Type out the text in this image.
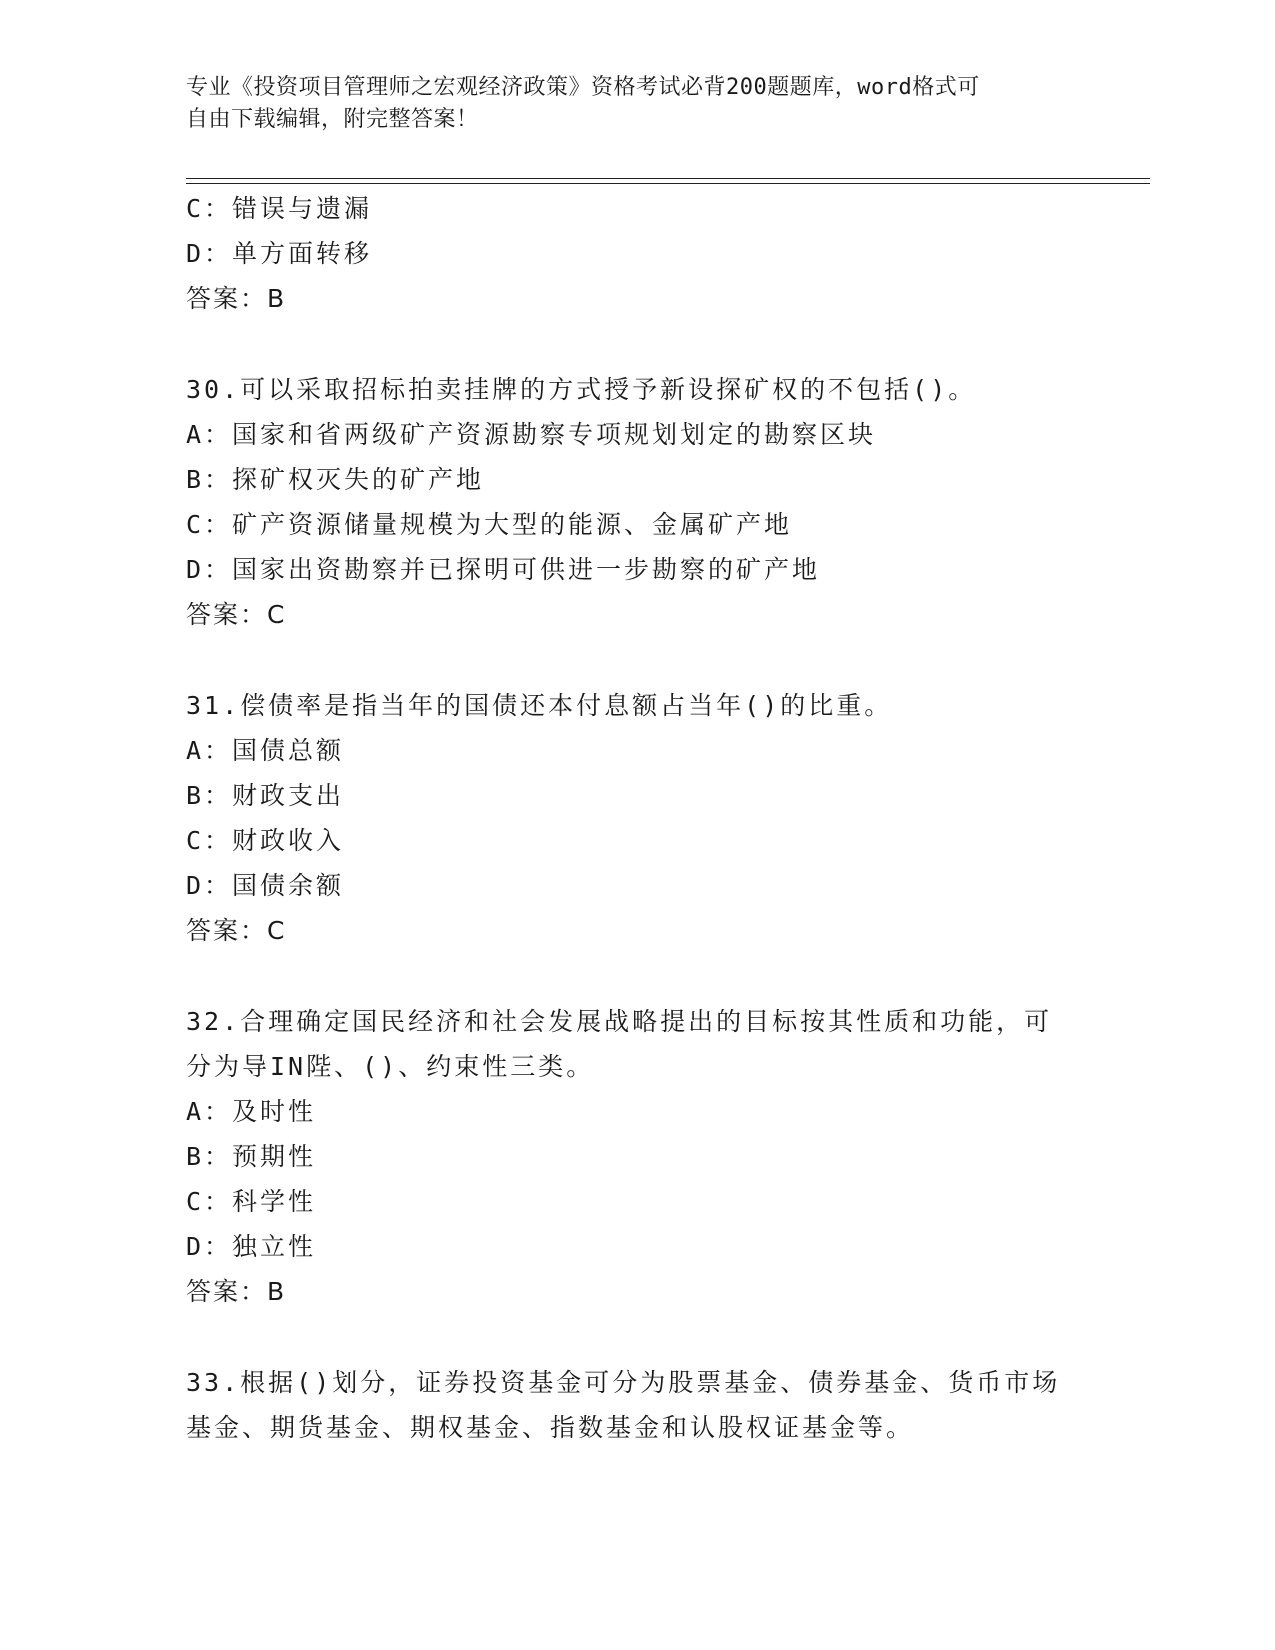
专业《投资项目管理师之宏观经济政策》资格考试必背200题题库，word格式可
自由下载编辑，附完整答案！
C：错误与遗漏
D：单方面转移
答案：B
30.可以采取招标拍卖挂牌的方式授予新设探矿权的不包括()。
A：国家和省两级矿产资源勘察专项规划划定的勘察区块
B：探矿权灭失的矿产地
C：矿产资源储量规模为大型的能源、金属矿产地
D：国家出资勘察并已探明可供进一步勘察的矿产地
答案：C
31.偿债率是指当年的国债还本付息额占当年()的比重。
A：国债总额
B：财政支出
C：财政收入
D：国债余额
答案：C
32.合理确定国民经济和社会发展战略提出的目标按其性质和功能，可
分为导IN陛、()、约束性三类。
A：及时性
B：预期性
C：科学性
D：独立性
答案：B
33.根据()划分，证券投资基金可分为股票基金、债券基金、货币市场
基金、期货基金、期权基金、指数基金和认股权证基金等。
